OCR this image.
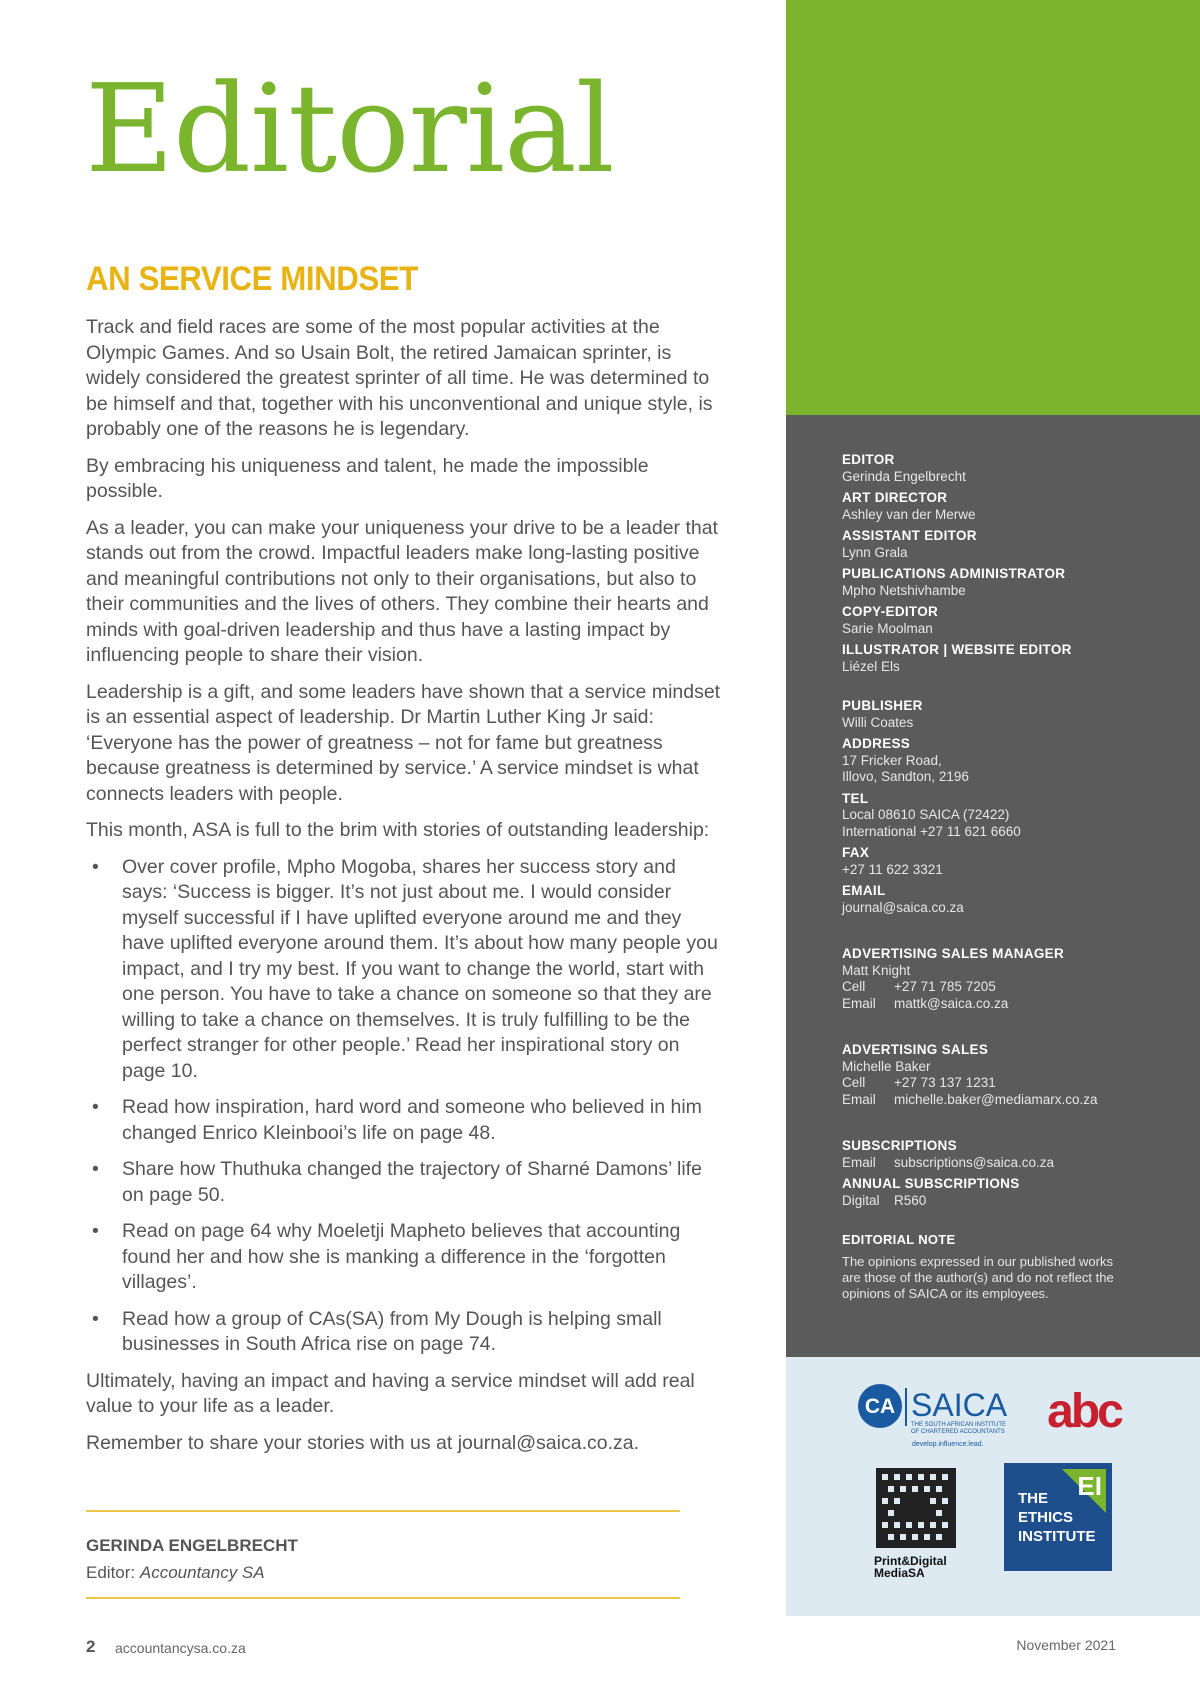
Editorial
AN SERVICE MINDSET

Track and field races are some of the most popular activities at the Olympic Games. And so Usain Bolt, the retired Jamaican sprinter, is widely considered the greatest sprinter of all time. He was determined to be himself and that, together with his unconventional and unique style, is probably one of the reasons he is legendary.

By embracing his uniqueness and talent, he made the impossible possible.

As a leader, you can make your uniqueness your drive to be a leader that stands out from the crowd. Impactful leaders make long-lasting positive and meaningful contributions not only to their organisations, but also to their communities and the lives of others. They combine their hearts and minds with goal-driven leadership and thus have a lasting impact by influencing people to share their vision.

Leadership is a gift, and some leaders have shown that a service mindset is an essential aspect of leadership. Dr Martin Luther King Jr said: ‘Everyone has the power of greatness – not for fame but greatness because greatness is determined by service.’ A service mindset is what connects leaders with people.

This month, ASA is full to the brim with stories of outstanding leadership:

• Over cover profile, Mpho Mogoba, shares her success story and says: ‘Success is bigger. It’s not just about me. I would consider myself successful if I have uplifted everyone around me and they have uplifted everyone around them. It’s about how many people you impact, and I try my best. If you want to change the world, start with one person. You have to take a chance on someone so that they are willing to take a chance on themselves. It is truly fulfilling to be the perfect stranger for other people.’ Read her inspirational story on page 10.
• Read how inspiration, hard word and someone who believed in him changed Enrico Kleinbooi’s life on page 48.
• Share how Thuthuka changed the trajectory of Sharné Damons’ life on page 50.
• Read on page 64 why Moeletji Mapheto believes that accounting found her and how she is manking a difference in the ‘forgotten villages’.
• Read how a group of CAs(SA) from My Dough is helping small businesses in South Africa rise on page 74.

Ultimately, having an impact and having a service mindset will add real value to your life as a leader.

Remember to share your stories with us at journal@saica.co.za.

GERINDA ENGELBRECHT
Editor: Accountancy SA
2 accountancysa.co.za	November 2021
EDITOR
Gerinda Engelbrecht
ART DIRECTOR
Ashley van der Merwe
ASSISTANT EDITOR
Lynn Grala
PUBLICATIONS ADMINISTRATOR
Mpho Netshivhambe
COPY-EDITOR
Sarie Moolman
ILLUSTRATOR | WEBSITE EDITOR
Liézel Els
PUBLISHER
Willi Coates
ADDRESS
17 Fricker Road,
Illovo, Sandton, 2196
TEL
Local 08610 SAICA (72422)
International +27 11 621 6660
FAX
+27 11 622 3321
EMAIL
journal@saica.co.za
ADVERTISING SALES MANAGER
Matt Knight
Cell +27 71 785 7205
Email mattk@saica.co.za
ADVERTISING SALES
Michelle Baker
Cell +27 73 137 1231
Email michelle.baker@mediamarx.co.za
SUBSCRIPTIONS
Email subscriptions@saica.co.za
ANNUAL SUBSCRIPTIONS
Digital R560
EDITORIAL NOTE
The opinions expressed in our published works are those of the author(s) and do not reflect the opinions of SAICA or its employees.
CA SAICA
THE SOUTH AFRICAN INSTITUTE
OF CHARTERED ACCOUNTANTS
develop.influence.lead.
abc
Print&Digital
MediaSA
EI
THE
ETHICS
INSTITUTE
